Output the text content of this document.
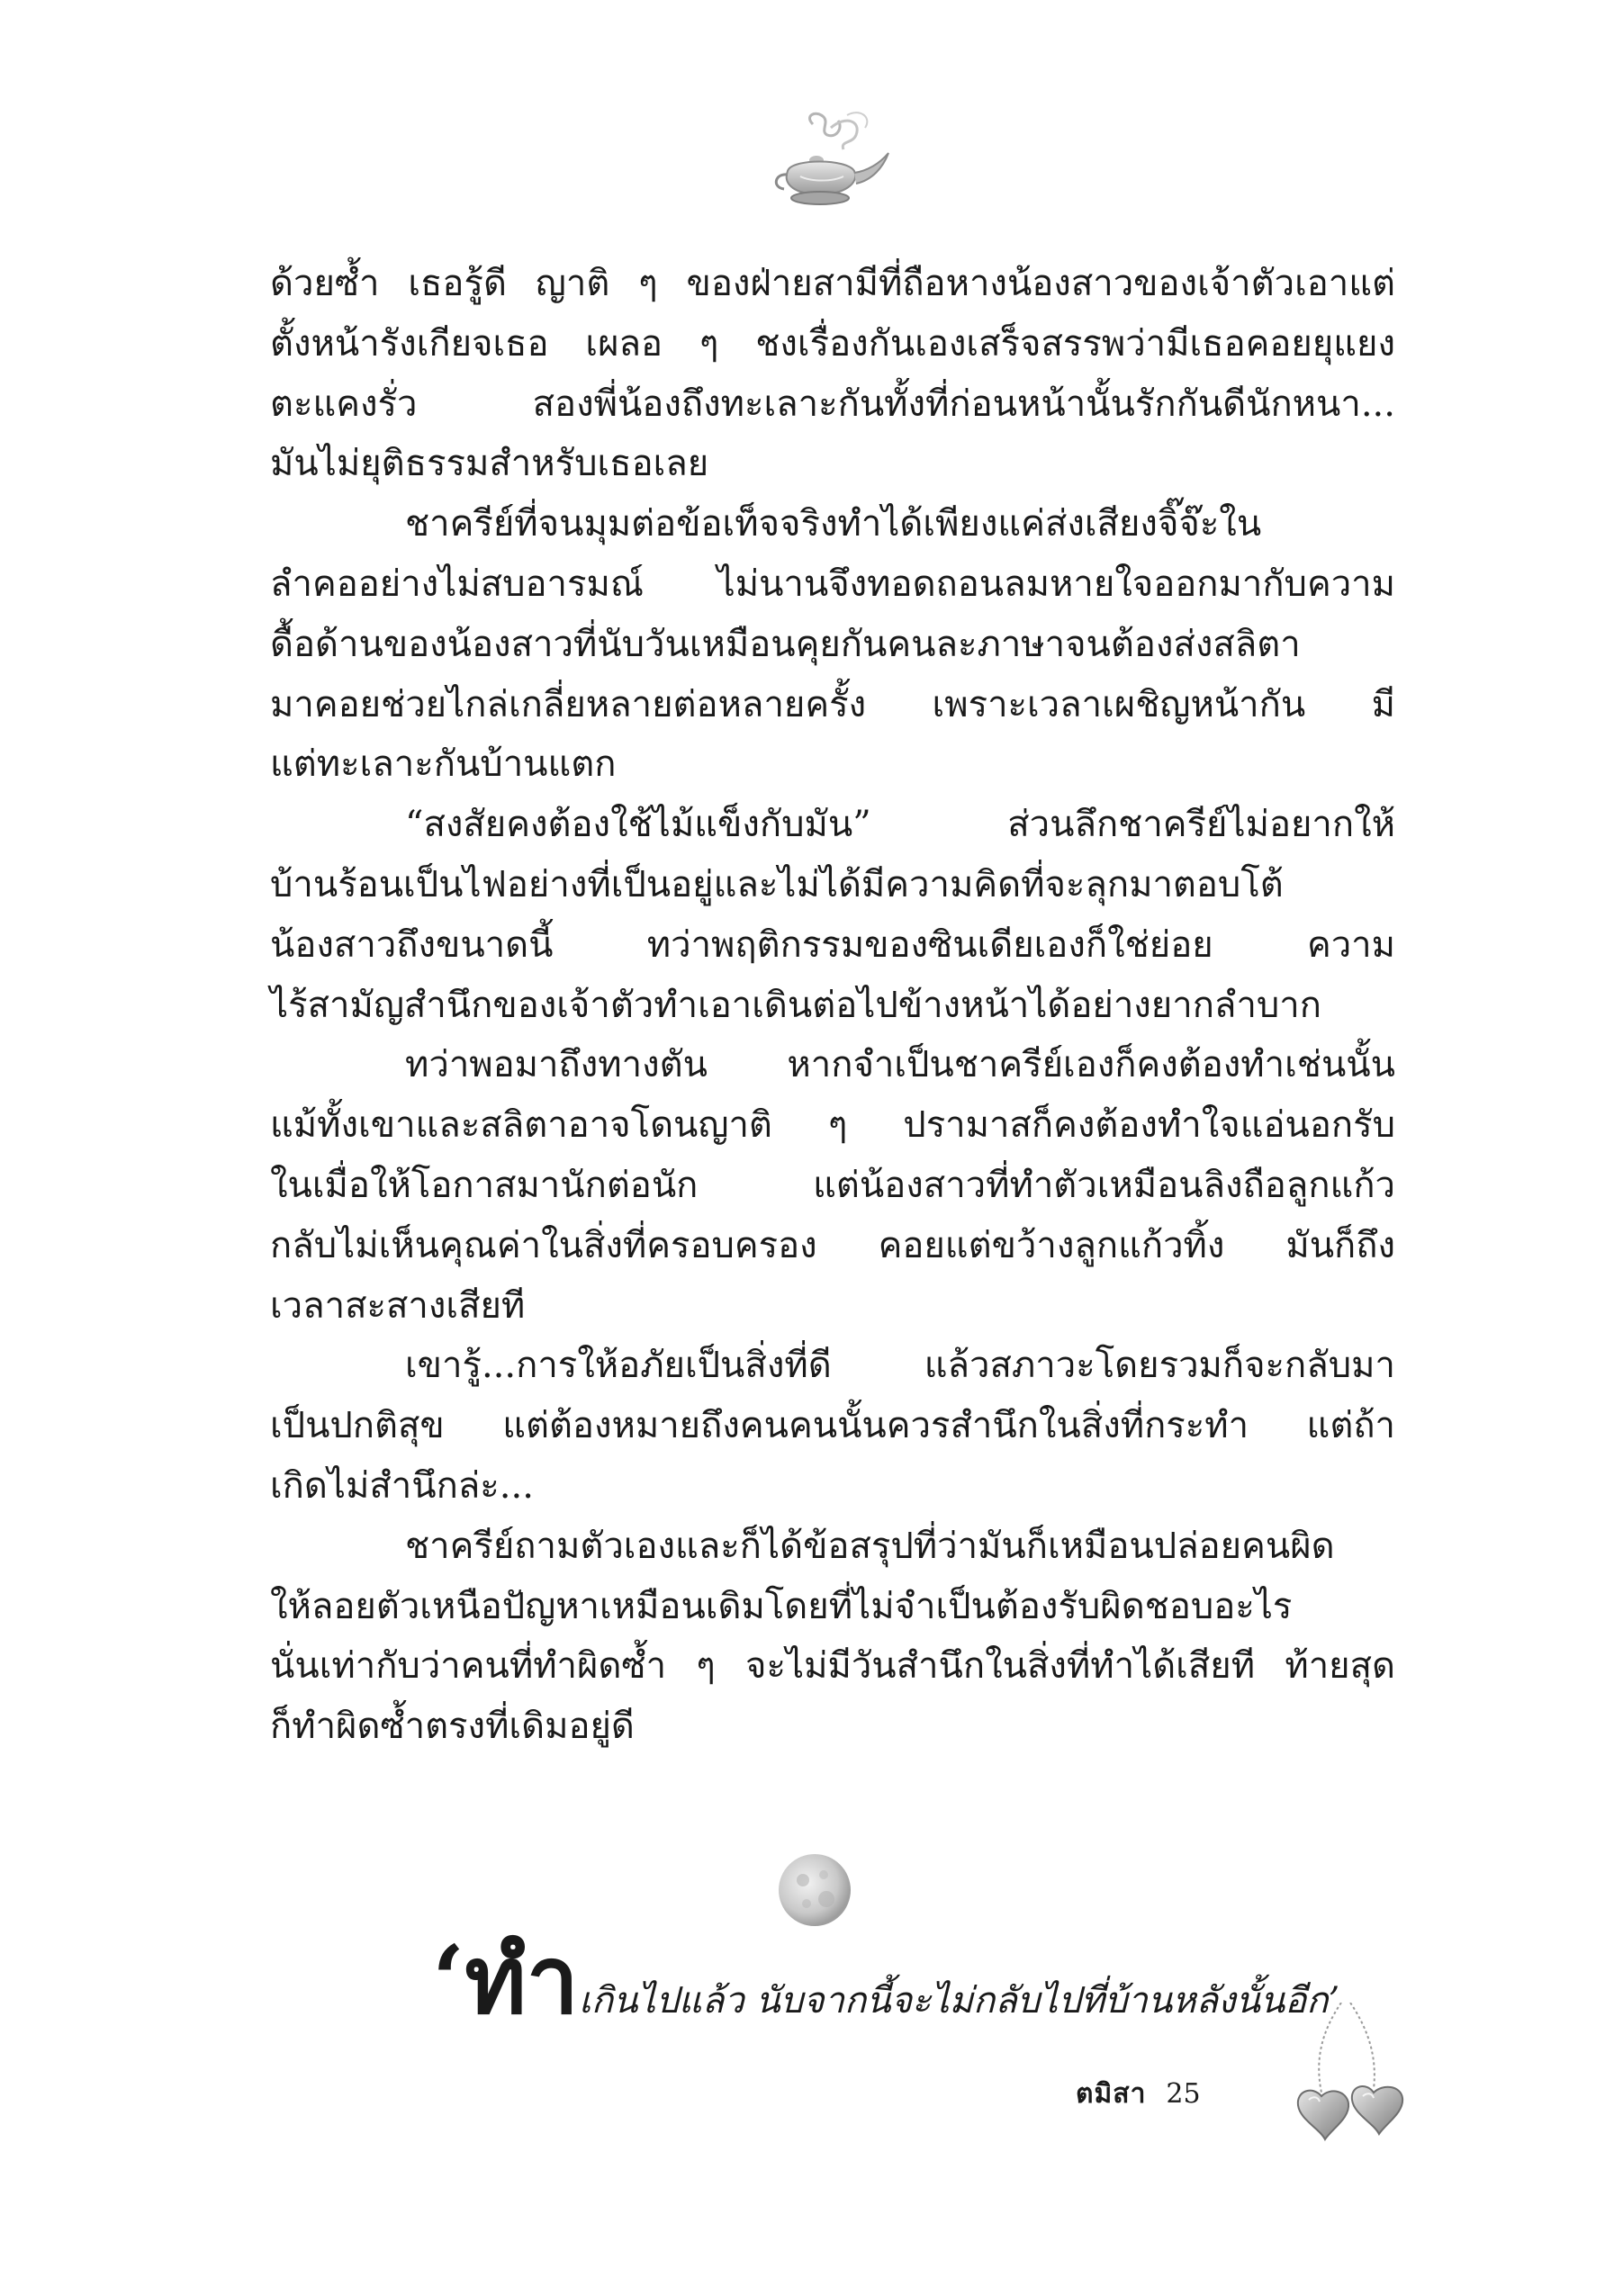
ด้วยซ้ำ เธอรู้ดี ญาติ ๆ ของฝ่ายสามีที่ถือหางน้องสาวของเจ้าตัวเอาแต่
ตั้งหน้ารังเกียจเธอ เผลอ ๆ ชงเรื่องกันเองเสร็จสรรพว่ามีเธอคอยยุแยง
ตะแคงรั่ว สองพี่น้องถึงทะเลาะกันทั้งที่ก่อนหน้านั้นรักกันดีนักหนา...
มันไม่ยุติธรรมสำหรับเธอเลย

ชาครีย์ที่จนมุมต่อข้อเท็จจริงทำได้เพียงแค่ส่งเสียงจิ๊จ๊ะใน
ลำคออย่างไม่สบอารมณ์ ไม่นานจึงทอดถอนลมหายใจออกมากับความ
ดื้อด้านของน้องสาวที่นับวันเหมือนคุยกันคนละภาษาจนต้องส่งสลิตา
มาคอยช่วยไกล่เกลี่ยหลายต่อหลายครั้ง เพราะเวลาเผชิญหน้ากัน มี
แต่ทะเลาะกันบ้านแตก

“สงสัยคงต้องใช้ไม้แข็งกับมัน” ส่วนลึกชาครีย์ไม่อยากให้
บ้านร้อนเป็นไฟอย่างที่เป็นอยู่และไม่ได้มีความคิดที่จะลุกมาตอบโต้
น้องสาวถึงขนาดนี้ ทว่าพฤติกรรมของซินเดียเองก็ใช่ย่อย ความ
ไร้สามัญสำนึกของเจ้าตัวทำเอาเดินต่อไปข้างหน้าได้อย่างยากลำบาก

ทว่าพอมาถึงทางตัน หากจำเป็นชาครีย์เองก็คงต้องทำเช่นนั้น
แม้ทั้งเขาและสลิตาอาจโดนญาติ ๆ ปรามาสก็คงต้องทำใจแอ่นอกรับ
ในเมื่อให้โอกาสมานักต่อนัก แต่น้องสาวที่ทำตัวเหมือนลิงถือลูกแก้ว
กลับไม่เห็นคุณค่าในสิ่งที่ครอบครอง คอยแต่ขว้างลูกแก้วทิ้ง มันก็ถึง
เวลาสะสางเสียที

เขารู้...การให้อภัยเป็นสิ่งที่ดี แล้วสภาวะโดยรวมก็จะกลับมา
เป็นปกติสุข แต่ต้องหมายถึงคนคนนั้นควรสำนึกในสิ่งที่กระทำ แต่ถ้า
เกิดไม่สำนึกล่ะ...

ชาครีย์ถามตัวเองและก็ได้ข้อสรุปที่ว่ามันก็เหมือนปล่อยคนผิด
ให้ลอยตัวเหนือปัญหาเหมือนเดิมโดยที่ไม่จำเป็นต้องรับผิดชอบอะไร
นั่นเท่ากับว่าคนที่ทำผิดซ้ำ ๆ จะไม่มีวันสำนึกในสิ่งที่ทำได้เสียที ท้ายสุด
ก็ทำผิดซ้ำตรงที่เดิมอยู่ดี

‘ทำเกินไปแล้ว นับจากนี้จะไม่กลับไปที่บ้านหลังนั้นอีก’
ตมิสา 25
